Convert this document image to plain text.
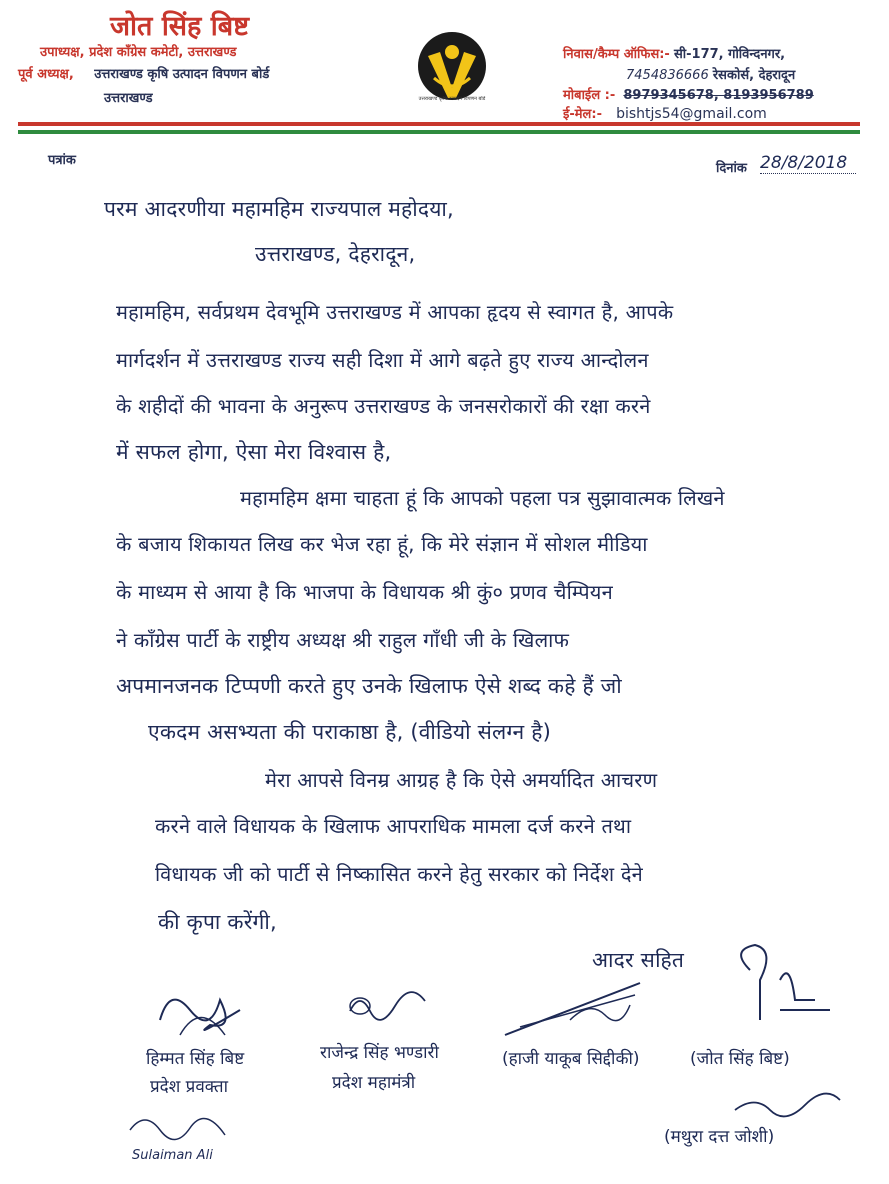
जोत सिंह बिष्ट
उपाध्यक्ष, प्रदेश कॉंग्रेस कमेटी, उत्तराखण्ड
पूर्व अध्यक्ष, उत्तराखण्ड कृषि उत्पादन विपणन बोर्ड
उत्तराखण्ड	उत्तराखण्ड कृषि उत्पादन विपणन बोर्ड
निवास/कैम्प ऑफिस:- सी-177, गोविन्दनगर,
7454836666 रेसकोर्स, देहरादून
मोबाईल :- 8979345678, 8193956789
ई-मेल:- bishtjs54@gmail.com
पत्रांक
दिनांक 28/8/2018
परम आदरणीया महामहिम राज्यपाल महोदया,
उत्तराखण्ड, देहरादून,
महामहिम, सर्वप्रथम देवभूमि उत्तराखण्ड में आपका हृदय से स्वागत है, आपके
मार्गदर्शन में उत्तराखण्ड राज्य सही दिशा में आगे बढ़ते हुए राज्य आन्दोलन
के शहीदों की भावना के अनुरूप उत्तराखण्ड के जनसरोकारों की रक्षा करने
में सफल होगा, ऐसा मेरा विश्वास है,
महामहिम क्षमा चाहता हूं कि आपको पहला पत्र सुझावात्मक लिखने
के बजाय शिकायत लिख कर भेज रहा हूं, कि मेरे संज्ञान में सोशल मीडिया
के माध्यम से आया है कि भाजपा के विधायक श्री कुं० प्रणव चैम्पियन
ने कॉंग्रेस पार्टी के राष्ट्रीय अध्यक्ष श्री राहुल गाँधी जी के खिलाफ
अपमानजनक टिप्पणी करते हुए उनके खिलाफ ऐसे शब्द कहे हैं जो
एकदम असभ्यता की पराकाष्ठा है, (वीडियो संलग्न है)
मेरा आपसे विनम्र आग्रह है कि ऐसे अमर्यादित आचरण
करने वाले विधायक के खिलाफ आपराधिक मामला दर्ज करने तथा
विधायक जी को पार्टी से निष्कासित करने हेतु सरकार को निर्देश देने
की कृपा करेंगी,
आदर सहित
हिम्मत सिंह बिष्ट
प्रदेश प्रवक्ता
राजेन्द्र सिंह भण्डारी
प्रदेश महामंत्री
(हाजी याकूब सिद्दीकी)	(जोत सिंह बिष्ट)
(मथुरा दत्त जोशी)
Sulaiman Ali
